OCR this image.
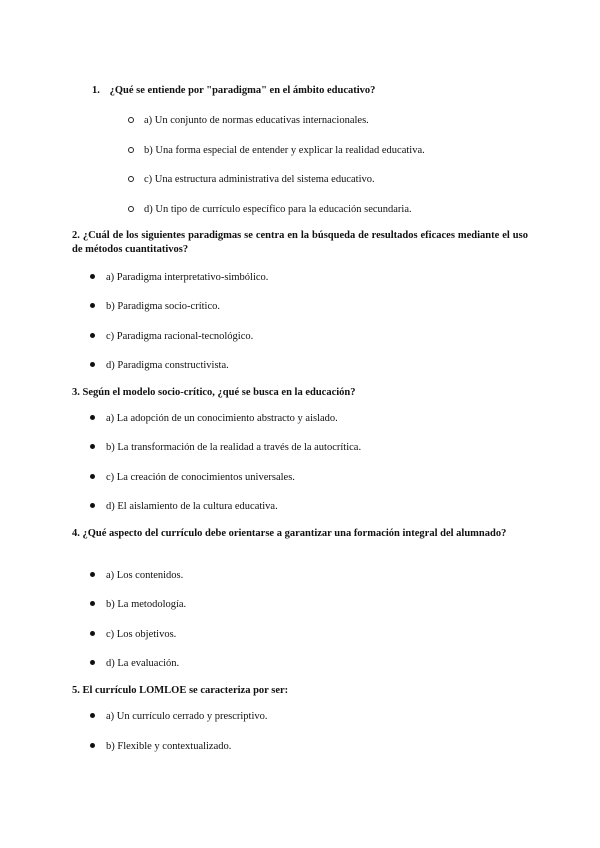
1. ¿Qué se entiende por "paradigma" en el ámbito educativo?

a) Un conjunto de normas educativas internacionales.

b) Una forma especial de entender y explicar la realidad educativa.

c) Una estructura administrativa del sistema educativo.

d) Un tipo de currículo específico para la educación secundaria.

2. ¿Cuál de los siguientes paradigmas se centra en la búsqueda de resultados eficaces mediante el uso de métodos cuantitativos?

a) Paradigma interpretativo-simbólico.

b) Paradigma socio-crítico.

c) Paradigma racional-tecnológico.

d) Paradigma constructivista.

3. Según el modelo socio-crítico, ¿qué se busca en la educación?

a) La adopción de un conocimiento abstracto y aislado.

b) La transformación de la realidad a través de la autocrítica.

c) La creación de conocimientos universales.

d) El aislamiento de la cultura educativa.

4. ¿Qué aspecto del currículo debe orientarse a garantizar una formación integral del alumnado?

a) Los contenidos.

b) La metodología.

c) Los objetivos.

d) La evaluación.

5. El currículo LOMLOE se caracteriza por ser:

a) Un currículo cerrado y prescriptivo.

b) Flexible y contextualizado.
